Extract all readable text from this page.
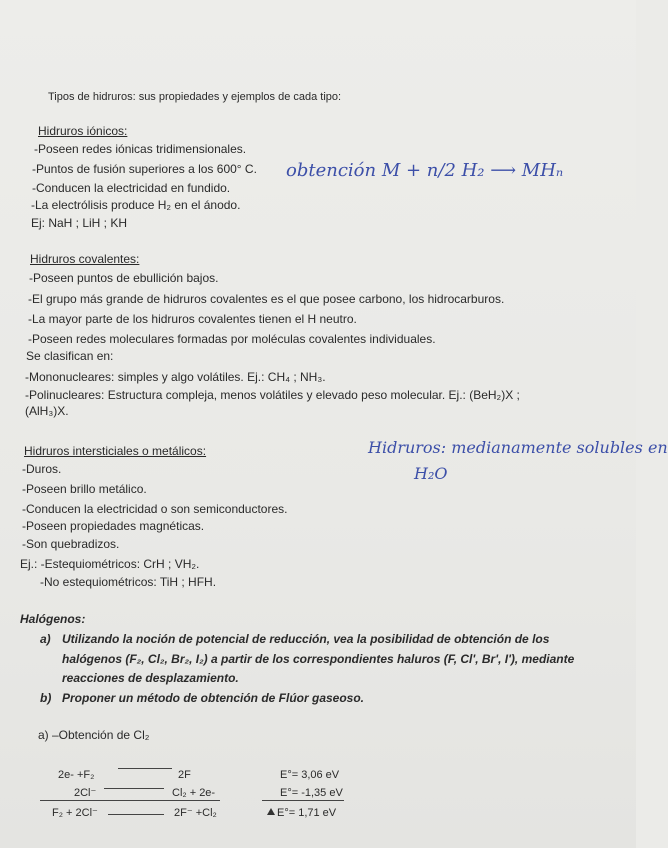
Tipos de hidruros: sus propiedades y ejemplos de cada tipo:
Hidruros iónicos:
-Poseen redes iónicas tridimensionales.
-Puntos de fusión superiores a los 600° C.
-Conducen la electricidad en fundido.
-La electrólisis produce H₂ en el ánodo.
Ej: NaH ; LiH ; KH
obtención M + n/2 H₂ ⟶ MHₙ
Hidruros covalentes:
-Poseen puntos de ebullición bajos.
-El grupo más grande de hidruros covalentes es el que posee carbono, los hidrocarburos.
-La mayor parte de los hidruros covalentes tienen el H neutro.
-Poseen redes moleculares formadas por moléculas covalentes individuales.
Se clasifican en:
-Mononucleares: simples y algo volátiles. Ej.: CH₄ ; NH₃.
-Polinucleares: Estructura compleja, menos volátiles y elevado peso molecular. Ej.: (BeH₂)X ;
(AlH₃)X.
Hidruros intersticiales o metálicos:
-Duros.
-Poseen brillo metálico.
-Conducen la electricidad o son semiconductores.
-Poseen propiedades magnéticas.
-Son quebradizos.
Ej.: -Estequiométricos: CrH ; VH₂.
-No estequiométricos: TiH ; HFH.
Hidruros: medianamente solubles en
H₂O
Halógenos:
a) Utilizando la noción de potencial de reducción, vea la posibilidad de obtención de los
halógenos (F₂, Cl₂, Br₂, I₂) a partir de los correspondientes haluros (F, Cl', Br', I'), mediante
reacciones de desplazamiento.
b) Proponer un método de obtención de Flúor gaseoso.
a) –Obtención de Cl₂
2e- +F₂	2F	E°= 3,06 eV
2Cl⁻	Cl₂ + 2e-	E°= -1,35 eV
F₂ + 2Cl⁻	2F⁻ +Cl₂	E°= 1,71 eV
